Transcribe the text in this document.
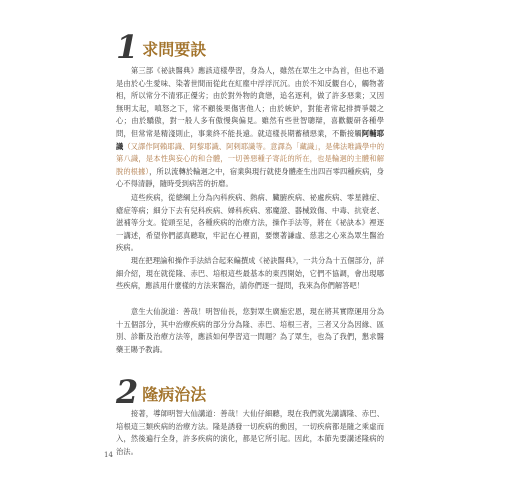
1 求問要訣
　　第三部《祕訣醫典》應該這樣學習，身為人，雖然在眾生之中為首，但也不過是由於心生愛味、染著世間而從此在紅塵中浮浮沉沉。由於不知反觀自心，觸物著相，所以常分不清邪正優劣；由於對外物的貪戀，追名逐利，做了許多惡業；又因無明太起，嗔怒之下，常不顧後果傷害他人；由於嫉妒，對能者常起排擠爭競之心；由於驕傲，對一般人多有傲慢與偏見。雖然有些世智聰辯，喜歡觀研各種學問，但常常是精淺則止，事業終不能長遠。就這樣長期蓄積惡業，不斷接觸阿輔耶識（又譯作阿賴耶識、阿黎耶識、阿剌耶識等。意譯為「藏識」，是佛法唯識學中的第八識，是本性與妄心的和合體，一切善惡種子寄託的所在，也是輪迴的主體和解脫的根據），所以流轉於輪迴之中，宿業與現行就使身體產生出四百零四種疾病，身心不得清靜，隨時受到病苦的折磨。
　　這些疾病，從總綱上分為內科疾病、熱病、臟腑疾病、祕處疾病、零星雜症、瘡症等病；細分下去有兒科疾病、婦科疾病、邪魔證、器械致傷、中毒、抗衰老、滋補等分支。從頭至足，各種疾病的治療方法，操作手法等，將在《祕訣本》裡逐一講述，希望你們認真聽取，牢記在心裡面，要懷著謙虛、慈悲之心來為眾生醫治疾病。
　　現在把理論和操作手法結合起來編撰成《祕訣醫典》，一共分為十五個部分，詳細介紹，現在就從隆、赤巴、培根這些最基本的東西開始，它們不協調，會出現哪些疾病，應該用什麼樣的方法來醫治，請你們逐一提問，我來為你們解答吧！
　　意生大仙說道：善哉！明智仙長，您對眾生廣施宏恩，現在將其實際運用分為十五個部分，其中治療疾病的部分分為隆、赤巴、培根三者，三者又分為因緣、區別、診斷及治療方法等，應該如何學習這一問題？為了眾生，也為了我們，懇求醫藥王賜予教誨。
2 隆病治法
　　接著，導師明智大仙講道：善哉！大仙仔細聽，現在我們就先講講隆、赤巴、培根這三類疾病的治療方法。隆是誘發一切疾病的動因，一切疾病都是隨之乘虛而入，然後遍行全身，許多疾病的演化，都是它所引起。因此，本節先要講述隆病的治法。
14
